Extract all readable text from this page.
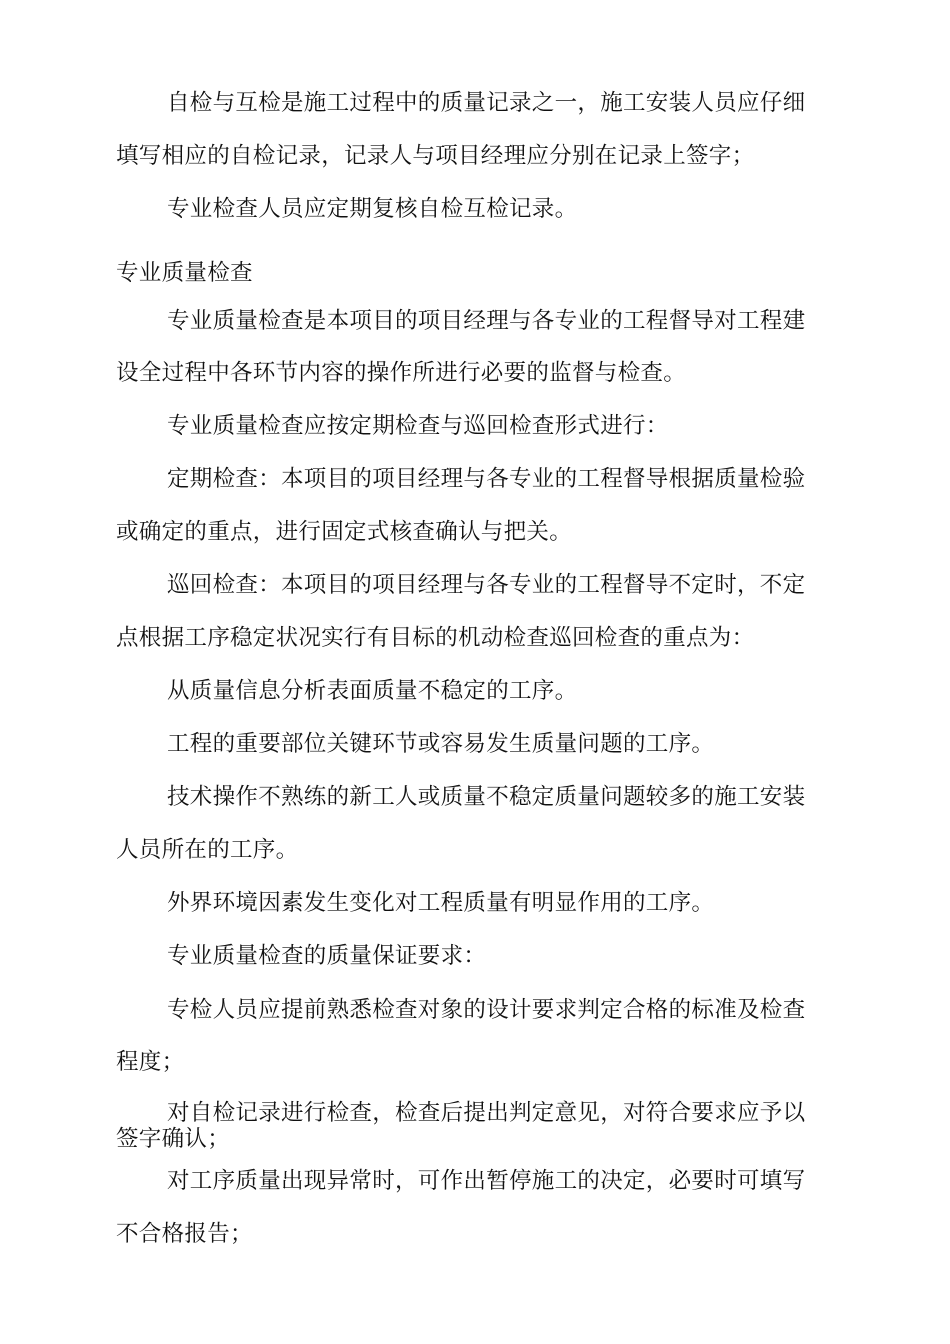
自检与互检是施工过程中的质量记录之一，施工安装人员应仔细
填写相应的自检记录，记录人与项目经理应分别在记录上签字；
专业检查人员应定期复核自检互检记录。
专业质量检查
专业质量检查是本项目的项目经理与各专业的工程督导对工程建
设全过程中各环节内容的操作所进行必要的监督与检查。
专业质量检查应按定期检查与巡回检查形式进行：
定期检查：本项目的项目经理与各专业的工程督导根据质量检验
或确定的重点，进行固定式核查确认与把关。
巡回检查：本项目的项目经理与各专业的工程督导不定时，不定
点根据工序稳定状况实行有目标的机动检查巡回检查的重点为：
从质量信息分析表面质量不稳定的工序。
工程的重要部位关键环节或容易发生质量问题的工序。
技术操作不熟练的新工人或质量不稳定质量问题较多的施工安装
人员所在的工序。
外界环境因素发生变化对工程质量有明显作用的工序。
专业质量检查的质量保证要求：
专检人员应提前熟悉检查对象的设计要求判定合格的标准及检查
程度；
对自检记录进行检查，检查后提出判定意见，对符合要求应予以
签字确认；
对工序质量出现异常时，可作出暂停施工的决定，必要时可填写
不合格报告；
